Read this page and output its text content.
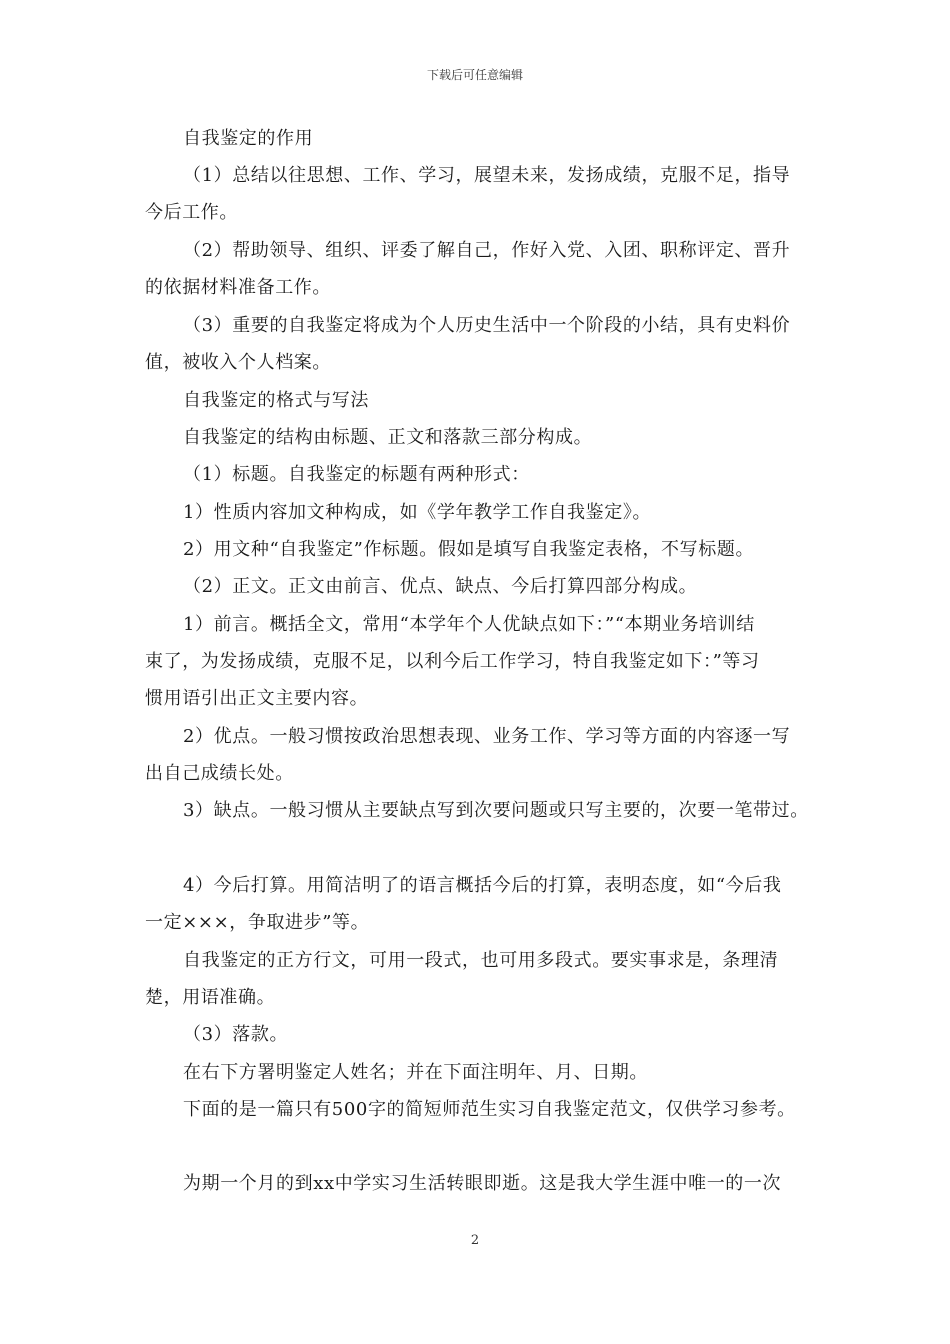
下载后可任意编辑
自我鉴定的作用
（1）总结以往思想、工作、学习，展望未来，发扬成绩，克服不足，指导
今后工作。
（2）帮助领导、组织、评委了解自己，作好入党、入团、职称评定、晋升
的依据材料准备工作。
（3）重要的自我鉴定将成为个人历史生活中一个阶段的小结，具有史料价
值，被收入个人档案。
自我鉴定的格式与写法
自我鉴定的结构由标题、正文和落款三部分构成。
（1）标题。自我鉴定的标题有两种形式：
1）性质内容加文种构成，如《学年教学工作自我鉴定》。
2）用文种“自我鉴定”作标题。假如是填写自我鉴定表格，不写标题。
（2）正文。正文由前言、优点、缺点、今后打算四部分构成。
1）前言。概括全文，常用“本学年个人优缺点如下：”“本期业务培训结
束了，为发扬成绩，克服不足，以利今后工作学习，特自我鉴定如下：”等习
惯用语引出正文主要内容。
2）优点。一般习惯按政治思想表现、业务工作、学习等方面的内容逐一写
出自己成绩长处。
3）缺点。一般习惯从主要缺点写到次要问题或只写主要的，次要一笔带过。
4）今后打算。用简洁明了的语言概括今后的打算，表明态度，如“今后我
一定×××，争取进步”等。
自我鉴定的正方行文，可用一段式，也可用多段式。要实事求是，条理清
楚，用语准确。
（3）落款。
在右下方署明鉴定人姓名；并在下面注明年、月、日期。
下面的是一篇只有500字的简短师范生实习自我鉴定范文，仅供学习参考。
为期一个月的到xx中学实习生活转眼即逝。这是我大学生涯中唯一的一次
2
